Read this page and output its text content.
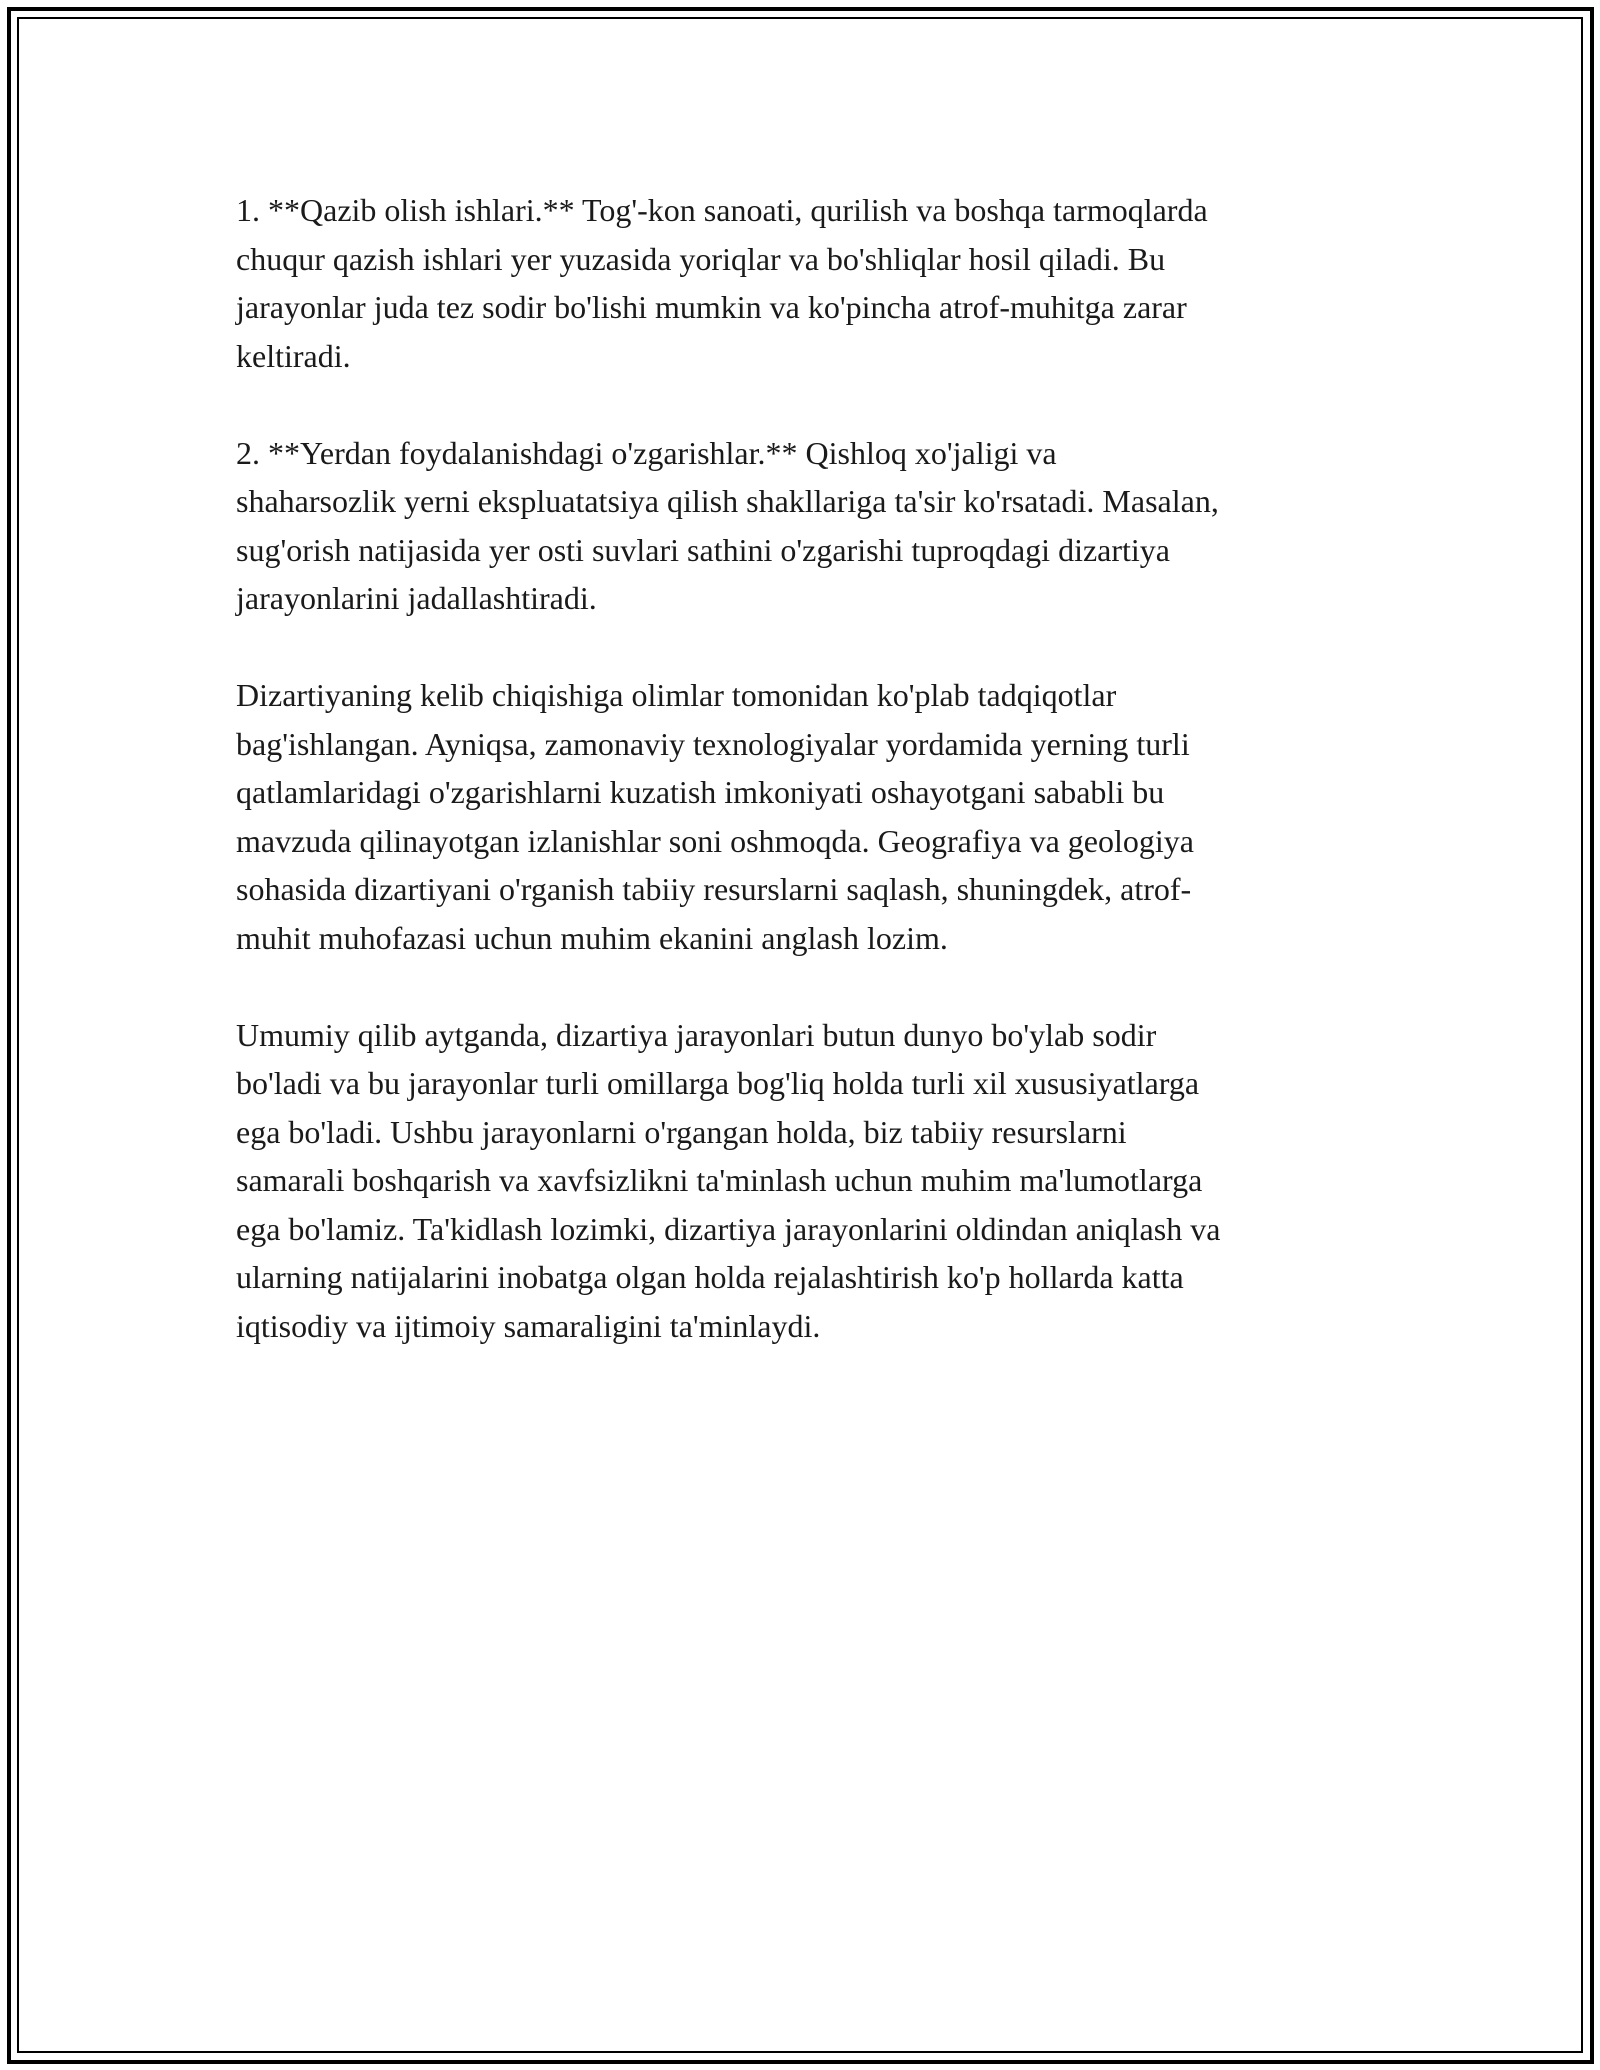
1. **Qazib olish ishlari.** Tog'-kon sanoati, qurilish va boshqa tarmoqlarda
chuqur qazish ishlari yer yuzasida yoriqlar va bo'shliqlar hosil qiladi. Bu
jarayonlar juda tez sodir bo'lishi mumkin va ko'pincha atrof-muhitga zarar
keltiradi.

2. **Yerdan foydalanishdagi o'zgarishlar.** Qishloq xo'jaligi va
shaharsozlik yerni ekspluatatsiya qilish shakllariga ta'sir ko'rsatadi. Masalan,
sug'orish natijasida yer osti suvlari sathini o'zgarishi tuproqdagi dizartiya
jarayonlarini jadallashtiradi.

Dizartiyaning kelib chiqishiga olimlar tomonidan ko'plab tadqiqotlar
bag'ishlangan. Ayniqsa, zamonaviy texnologiyalar yordamida yerning turli
qatlamlaridagi o'zgarishlarni kuzatish imkoniyati oshayotgani sababli bu
mavzuda qilinayotgan izlanishlar soni oshmoqda. Geografiya va geologiya
sohasida dizartiyani o'rganish tabiiy resurslarni saqlash, shuningdek, atrof-
muhit muhofazasi uchun muhim ekanini anglash lozim.

Umumiy qilib aytganda, dizartiya jarayonlari butun dunyo bo'ylab sodir
bo'ladi va bu jarayonlar turli omillarga bog'liq holda turli xil xususiyatlarga
ega bo'ladi. Ushbu jarayonlarni o'rgangan holda, biz tabiiy resurslarni
samarali boshqarish va xavfsizlikni ta'minlash uchun muhim ma'lumotlarga
ega bo'lamiz. Ta'kidlash lozimki, dizartiya jarayonlarini oldindan aniqlash va
ularning natijalarini inobatga olgan holda rejalashtirish ko'p hollarda katta
iqtisodiy va ijtimoiy samaraligini ta'minlaydi.
